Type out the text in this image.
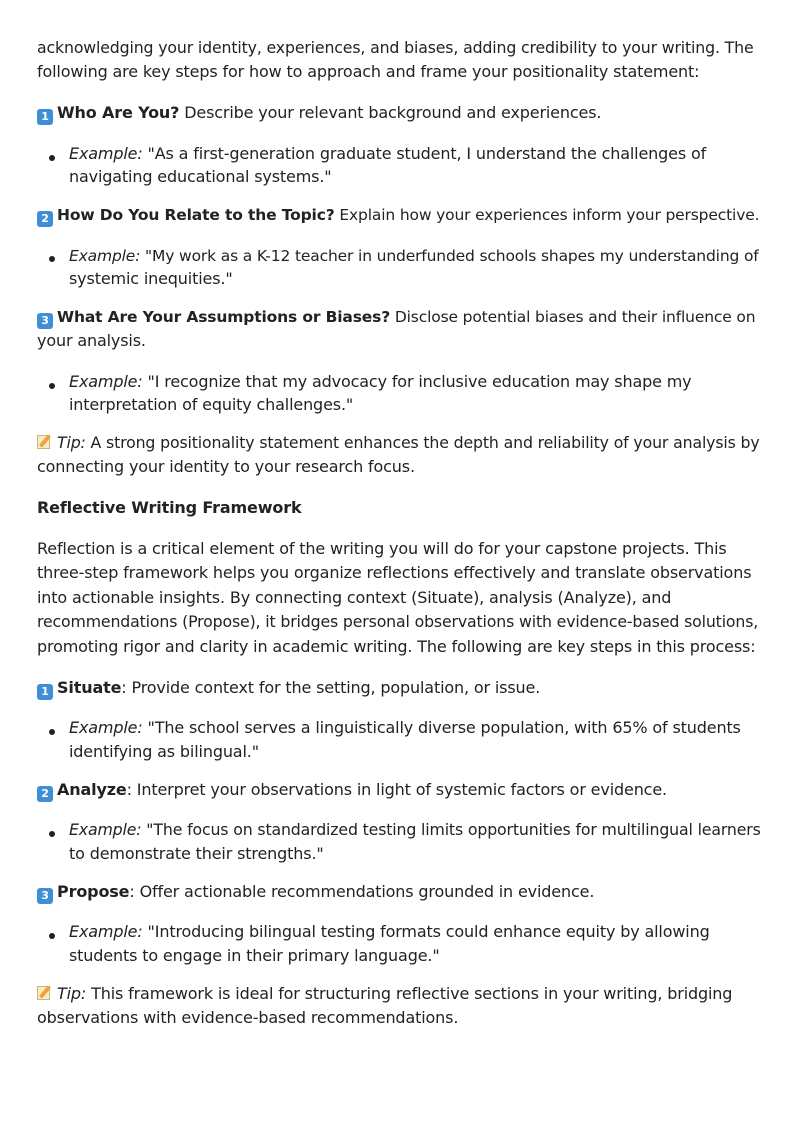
acknowledging your identity, experiences, and biases, adding credibility to your writing. The
following are key steps for how to approach and frame your positionality statement:
1 Who Are You? Describe your relevant background and experiences.
Example: "As a first-generation graduate student, I understand the challenges of
navigating educational systems."
2 How Do You Relate to the Topic? Explain how your experiences inform your perspective.
Example: "My work as a K-12 teacher in underfunded schools shapes my understanding of
systemic inequities."
3 What Are Your Assumptions or Biases? Disclose potential biases and their influence on
your analysis.
Example: "I recognize that my advocacy for inclusive education may shape my
interpretation of equity challenges."
Tip: A strong positionality statement enhances the depth and reliability of your analysis by
connecting your identity to your research focus.
Reflective Writing Framework
Reflection is a critical element of the writing you will do for your capstone projects. This
three-step framework helps you organize reflections effectively and translate observations
into actionable insights. By connecting context (Situate), analysis (Analyze), and
recommendations (Propose), it bridges personal observations with evidence-based solutions,
promoting rigor and clarity in academic writing. The following are key steps in this process:
1 Situate: Provide context for the setting, population, or issue.
Example: "The school serves a linguistically diverse population, with 65% of students
identifying as bilingual."
2 Analyze: Interpret your observations in light of systemic factors or evidence.
Example: "The focus on standardized testing limits opportunities for multilingual learners
to demonstrate their strengths."
3 Propose: Offer actionable recommendations grounded in evidence.
Example: "Introducing bilingual testing formats could enhance equity by allowing
students to engage in their primary language."
Tip: This framework is ideal for structuring reflective sections in your writing, bridging
observations with evidence-based recommendations.
